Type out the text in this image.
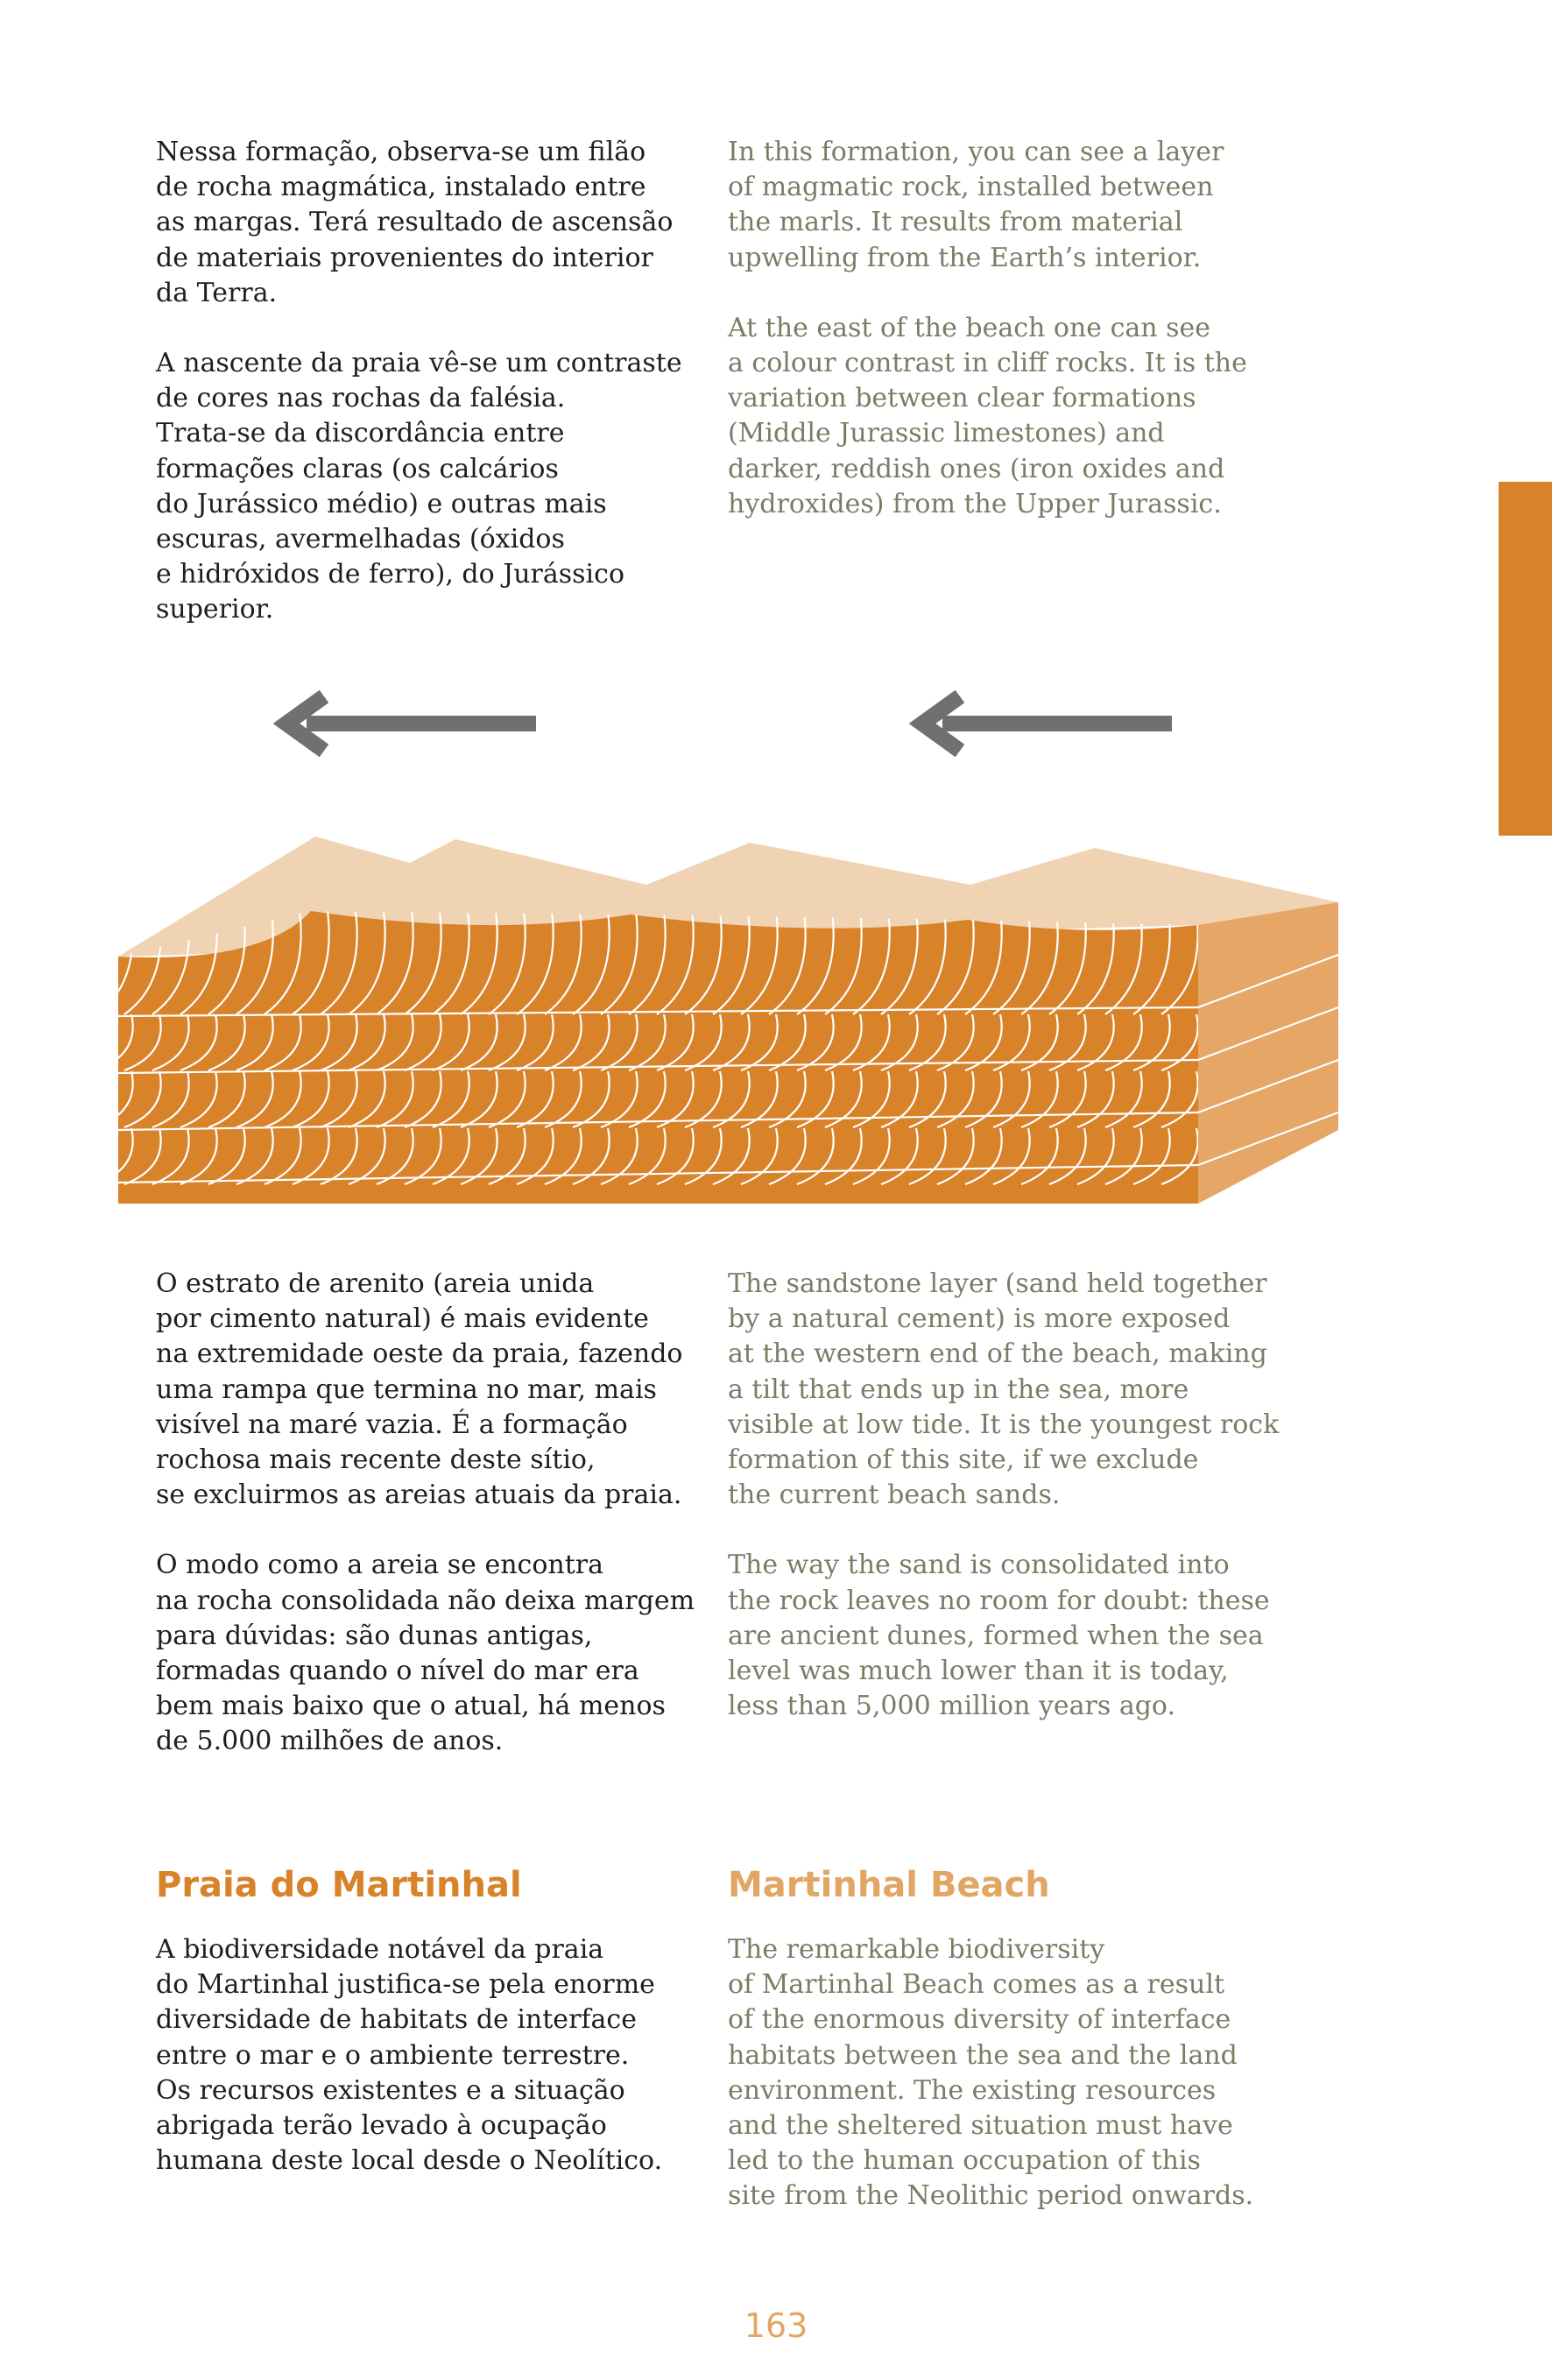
Nessa formação, observa-se um filão
de rocha magmática, instalado entre
as margas. Terá resultado de ascensão
de materiais provenientes do interior
da Terra.

A nascente da praia vê-se um contraste
de cores nas rochas da falésia.
Trata-se da discordância entre
formações claras (os calcários
do Jurássico médio) e outras mais
escuras, avermelhadas (óxidos
e hidróxidos de ferro), do Jurássico
superior.

In this formation, you can see a layer
of magmatic rock, installed between
the marls. It results from material
upwelling from the Earth’s interior.

At the east of the beach one can see
a colour contrast in cliff rocks. It is the
variation between clear formations
(Middle Jurassic limestones) and
darker, reddish ones (iron oxides and
hydroxides) from the Upper Jurassic.

O estrato de arenito (areia unida
por cimento natural) é mais evidente
na extremidade oeste da praia, fazendo
uma rampa que termina no mar, mais
visível na maré vazia. É a formação
rochosa mais recente deste sítio,
se excluirmos as areias atuais da praia.

O modo como a areia se encontra
na rocha consolidada não deixa margem
para dúvidas: são dunas antigas,
formadas quando o nível do mar era
bem mais baixo que o atual, há menos
de 5.000 milhões de anos.

The sandstone layer (sand held together
by a natural cement) is more exposed
at the western end of the beach, making
a tilt that ends up in the sea, more
visible at low tide. It is the youngest rock
formation of this site, if we exclude
the current beach sands.

The way the sand is consolidated into
the rock leaves no room for doubt: these
are ancient dunes, formed when the sea
level was much lower than it is today,
less than 5,000 million years ago.

Praia do Martinhal

A biodiversidade notável da praia
do Martinhal justifica-se pela enorme
diversidade de habitats de interface
entre o mar e o ambiente terrestre.
Os recursos existentes e a situação
abrigada terão levado à ocupação
humana deste local desde o Neolítico.

Martinhal Beach

The remarkable biodiversity
of Martinhal Beach comes as a result
of the enormous diversity of interface
habitats between the sea and the land
environment. The existing resources
and the sheltered situation must have
led to the human occupation of this
site from the Neolithic period onwards.

163
